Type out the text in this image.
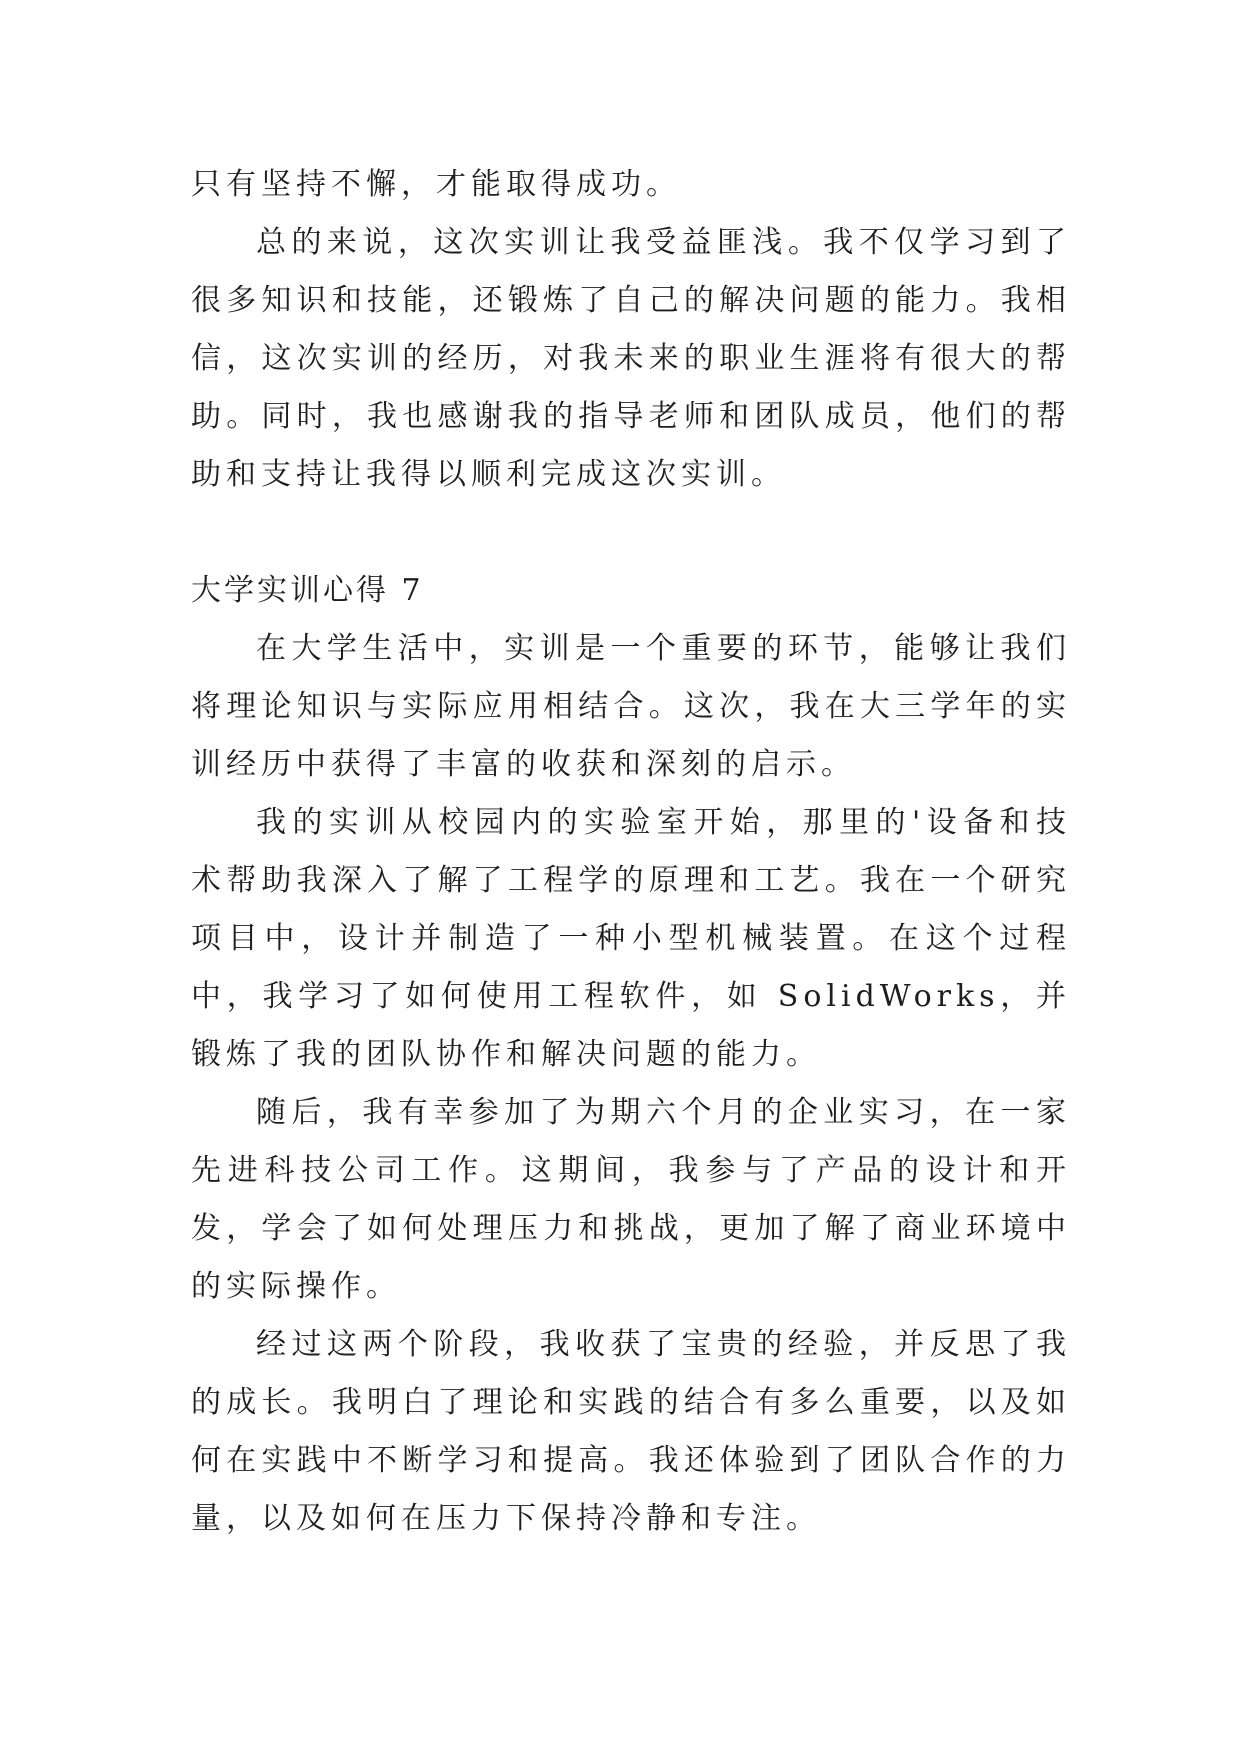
只有坚持不懈，才能取得成功。

总的来说，这次实训让我受益匪浅。我不仅学习到了很多知识和技能，还锻炼了自己的解决问题的能力。我相信，这次实训的经历，对我未来的职业生涯将有很大的帮助。同时，我也感谢我的指导老师和团队成员，他们的帮助和支持让我得以顺利完成这次实训。

大学实训心得 7

在大学生活中，实训是一个重要的环节，能够让我们将理论知识与实际应用相结合。这次，我在大三学年的实训经历中获得了丰富的收获和深刻的启示。

我的实训从校园内的实验室开始，那里的'设备和技术帮助我深入了解了工程学的原理和工艺。我在一个研究项目中，设计并制造了一种小型机械装置。在这个过程中，我学习了如何使用工程软件，如 SolidWorks，并锻炼了我的团队协作和解决问题的能力。

随后，我有幸参加了为期六个月的企业实习，在一家先进科技公司工作。这期间，我参与了产品的设计和开发，学会了如何处理压力和挑战，更加了解了商业环境中的实际操作。

经过这两个阶段，我收获了宝贵的经验，并反思了我的成长。我明白了理论和实践的结合有多么重要，以及如何在实践中不断学习和提高。我还体验到了团队合作的力量，以及如何在压力下保持冷静和专注。
